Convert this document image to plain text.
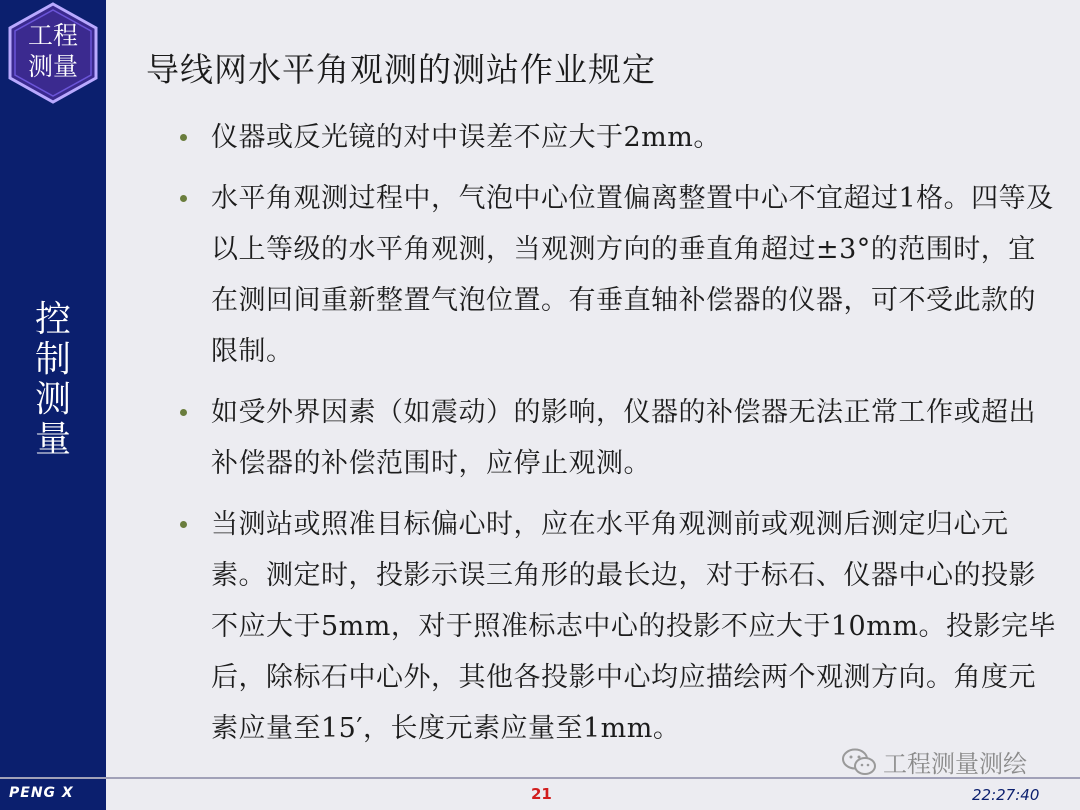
工程
测量
控
制
测
量
PENG X
导线网水平角观测的测站作业规定
仪器或反光镜的对中误差不应大于2mm。
水平角观测过程中，气泡中心位置偏离整置中心不宜超过1格。四等及以上等级的水平角观测，当观测方向的垂直角超过±3°的范围时，宜在测回间重新整置气泡位置。有垂直轴补偿器的仪器，可不受此款的限制。
如受外界因素（如震动）的影响，仪器的补偿器无法正常工作或超出补偿器的补偿范围时，应停止观测。
当测站或照准目标偏心时，应在水平角观测前或观测后测定归心元素。测定时，投影示误三角形的最长边，对于标石、仪器中心的投影不应大于5mm，对于照准标志中心的投影不应大于10mm。投影完毕后，除标石中心外，其他各投影中心均应描绘两个观测方向。角度元素应量至15′，长度元素应量至1mm。
工程测量测绘
21	22:27:40
